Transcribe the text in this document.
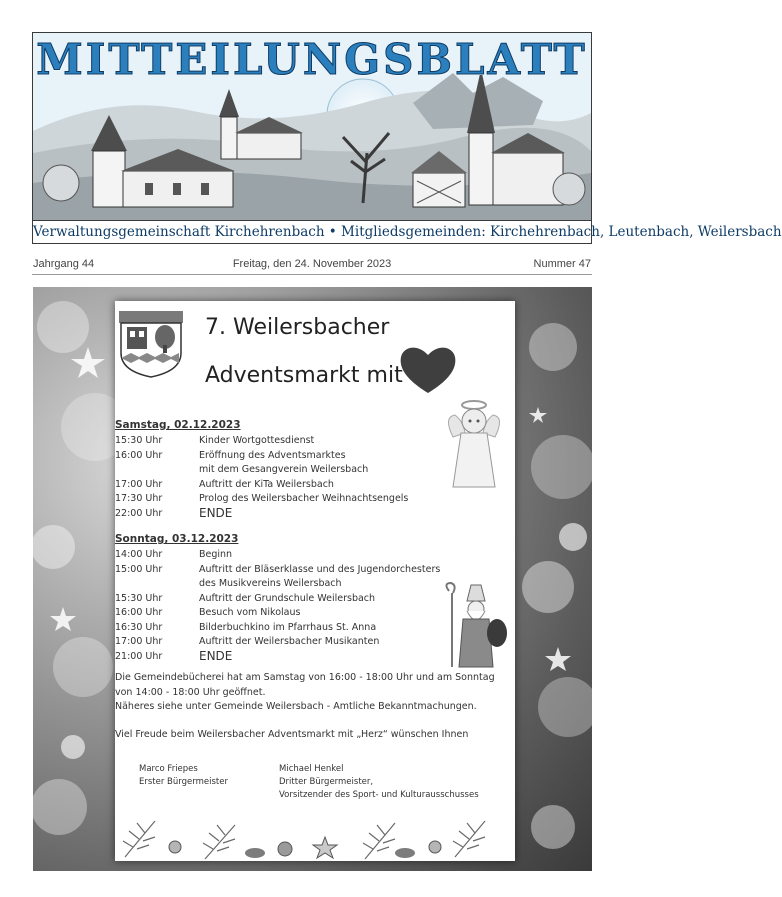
MITTEILUNGSBLATT
Verwaltungsgemeinschaft Kirchehrenbach • Mitgliedsgemeinden: Kirchehrenbach, Leutenbach, Weilersbach
Jahrgang 44	Freitag, den 24. November 2023	Nummer 47
7. Weilersbacher
Adventsmarkt mit
Samstag, 02.12.2023
15:30 Uhr	Kinder Wortgottesdienst
16:00 Uhr	Eröffnung des Adventsmarktes
mit dem Gesangverein Weilersbach
17:00 Uhr	Auftritt der KiTa Weilersbach
17:30 Uhr	Prolog des Weilersbacher Weihnachtsengels
22:00 Uhr	ENDE
Sonntag, 03.12.2023
14:00 Uhr	Beginn
15:00 Uhr	Auftritt der Bläserklasse und des Jugendorchesters
des Musikvereins Weilersbach
15:30 Uhr	Auftritt der Grundschule Weilersbach
16:00 Uhr	Besuch vom Nikolaus
16:30 Uhr	Bilderbuchkino im Pfarrhaus St. Anna
17:00 Uhr	Auftritt der Weilersbacher Musikanten
21:00 Uhr	ENDE
Die Gemeindebücherei hat am Samstag von 16:00 - 18:00 Uhr und am Sonntag von 14:00 - 18:00 Uhr geöffnet.
Näheres siehe unter Gemeinde Weilersbach - Amtliche Bekanntmachungen.
Viel Freude beim Weilersbacher Adventsmarkt mit „Herz“ wünschen Ihnen
Marco Friepes
Erster Bürgermeister
Michael Henkel
Dritter Bürgermeister,
Vorsitzender des Sport- und Kulturausschusses
